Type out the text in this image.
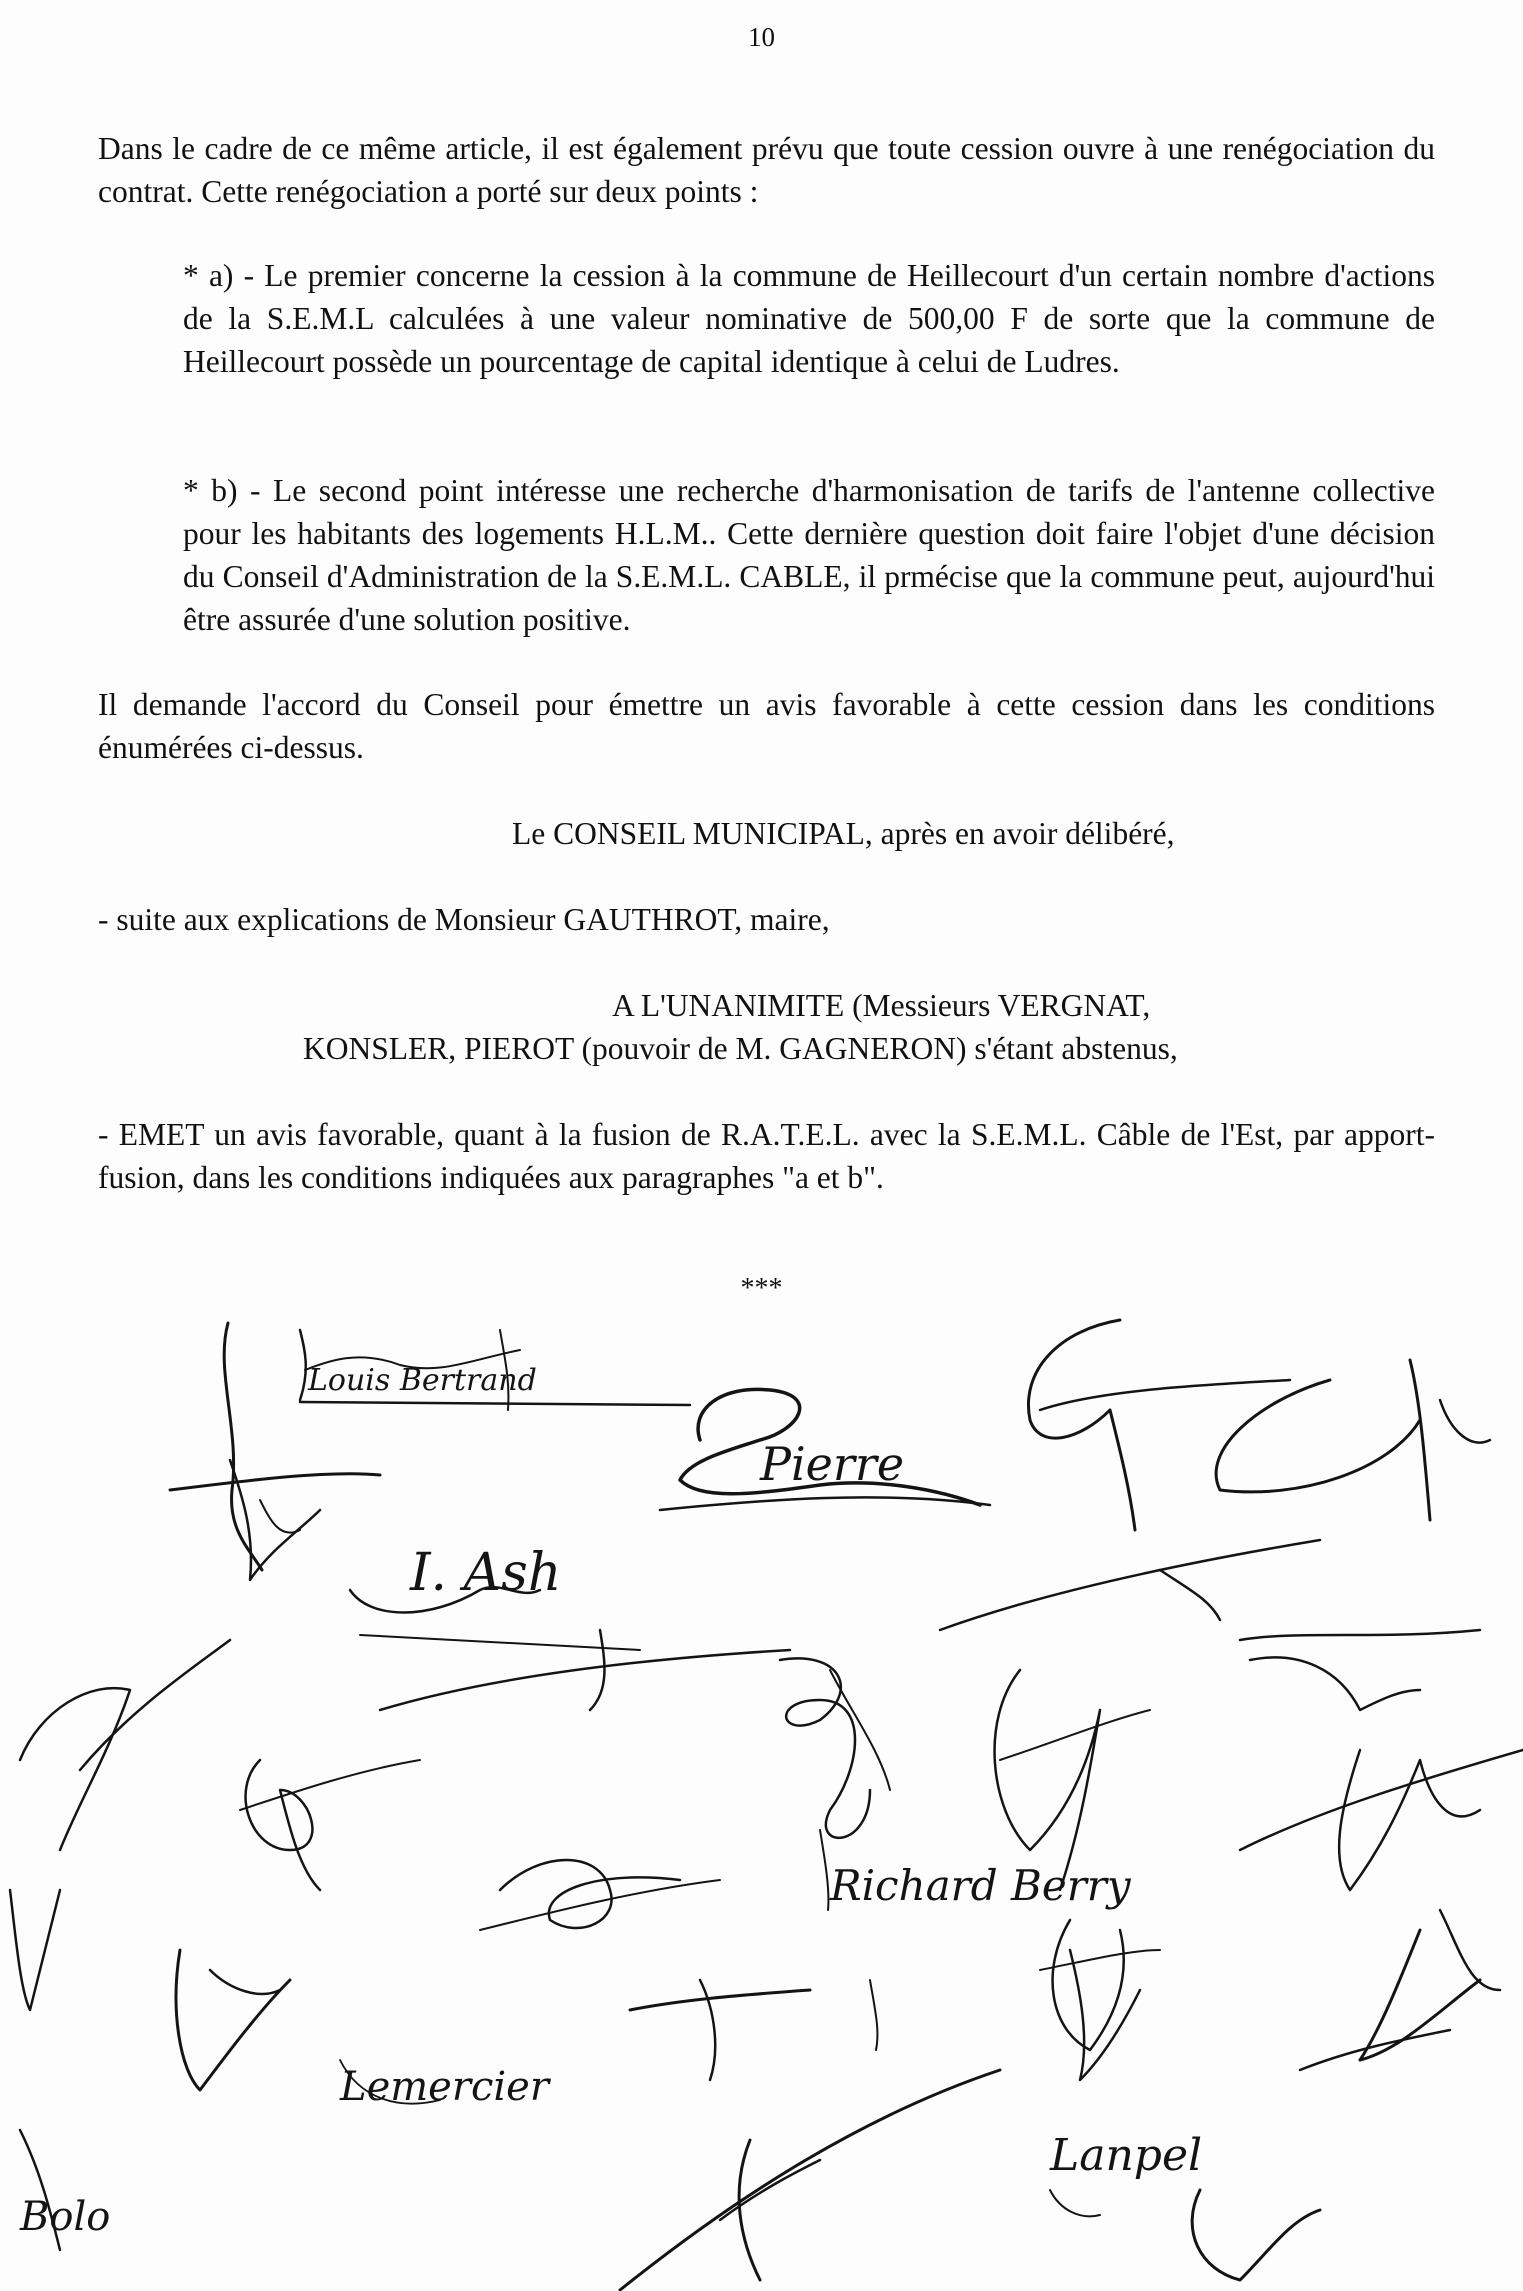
10

Dans le cadre de ce même article, il est également prévu que toute cession ouvre à une renégociation du contrat. Cette renégociation a porté sur deux points :

* a) - Le premier concerne la cession à la commune de Heillecourt d'un certain nombre d'actions de la S.E.M.L calculées à une valeur nominative de 500,00 F de sorte que la commune de Heillecourt possède un pourcentage de capital identique à celui de Ludres.

* b) - Le second point intéresse une recherche d'harmonisation de tarifs de l'antenne collective pour les habitants des logements H.L.M.. Cette dernière question doit faire l'objet d'une décision du Conseil d'Administration de la S.E.M.L. CABLE, il prmécise que la commune peut, aujourd'hui être assurée d'une solution positive.

Il demande l'accord du Conseil pour émettre un avis favorable à cette cession dans les conditions énumérées ci-dessus.

Le CONSEIL MUNICIPAL, après en avoir délibéré,

- suite aux explications de Monsieur GAUTHROT, maire,

A L'UNANIMITE (Messieurs VERGNAT,

KONSLER, PIEROT (pouvoir de M. GAGNERON) s'étant abstenus,

- EMET un avis favorable, quant à la fusion de R.A.T.E.L. avec la S.E.M.L. Câble de l'Est, par apport-fusion, dans les conditions indiquées aux paragraphes "a et b".

***
Louis Bertrand
Pierre
I. Ash
Richard Berry
Lemercier
Bolo
Lanpel
